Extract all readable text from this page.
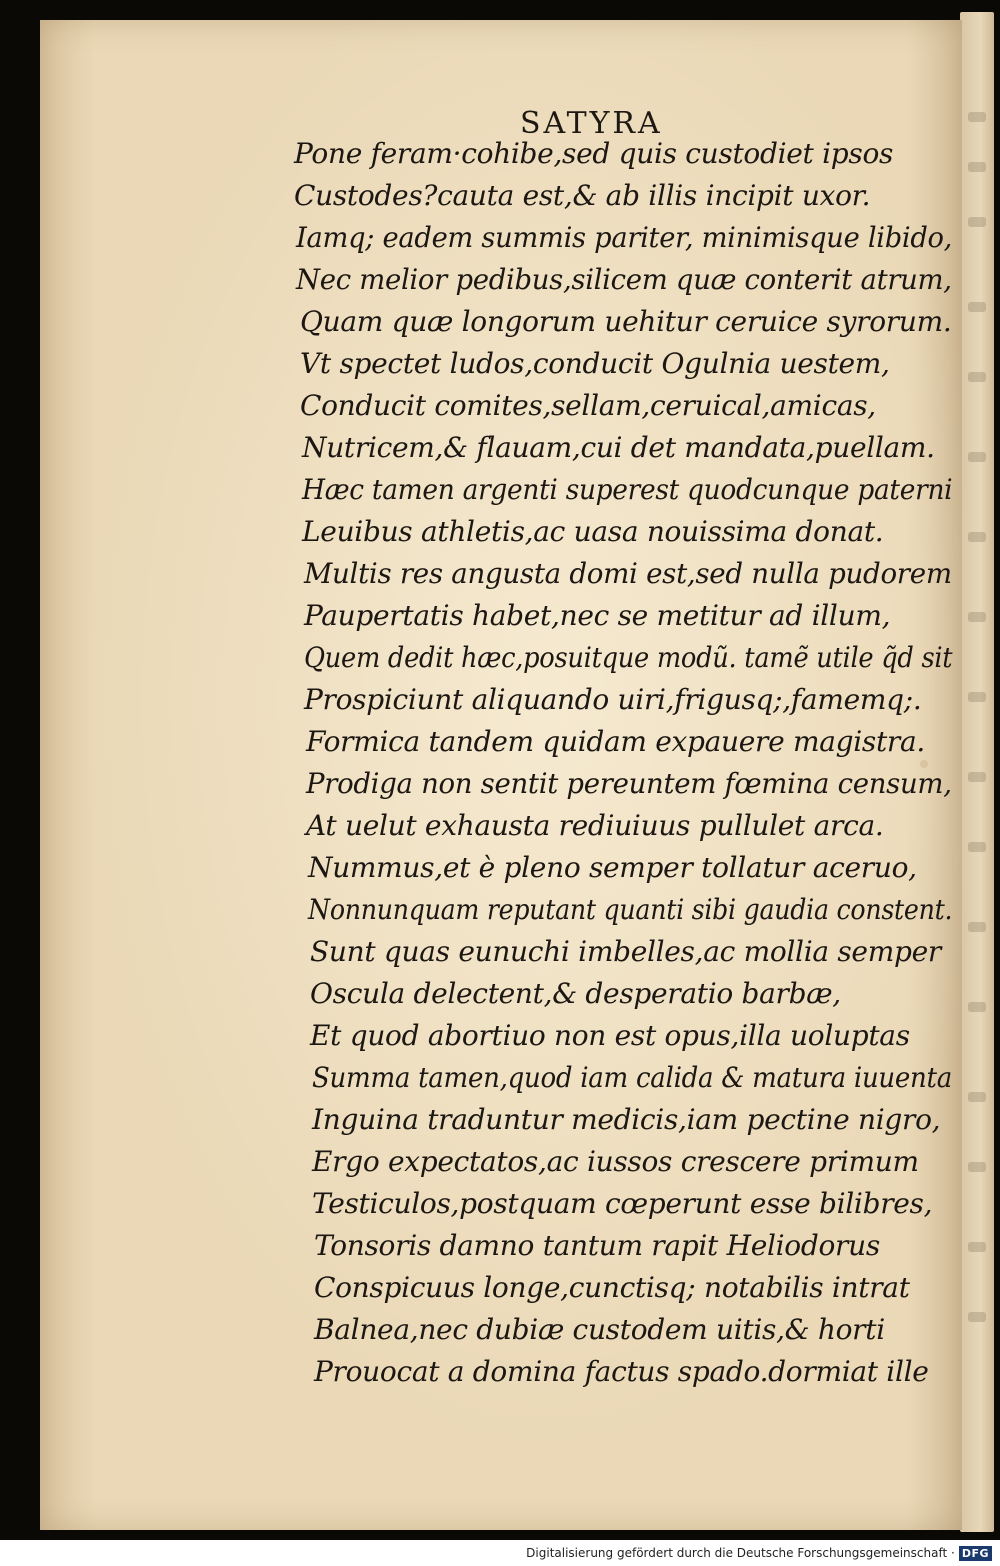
SATYRA
Pone feram·cohibe,sed quis custodiet ipsos
Custodes?cauta est,& ab illis incipit uxor.
Iamq; eadem summis pariter, minimisque libido,
Nec melior pedibus,silicem quæ conterit atrum,
Quam quæ longorum uehitur ceruice syrorum.
Vt spectet ludos,conducit Ogulnia uestem,
Conducit comites,sellam,ceruical,amicas,
Nutricem,& flauam,cui det mandata,puellam.
Hæc tamen argenti superest quodcunque paterni
Leuibus athletis,ac uasa nouissima donat.
Multis res angusta domi est,sed nulla pudorem
Paupertatis habet,nec se metitur ad illum,
Quem dedit hæc,posuitque modũ. tamẽ utile q̃d sit
Prospiciunt aliquando uiri,frigusq;,famemq;.
Formica tandem quidam expauere magistra.
Prodiga non sentit pereuntem fœmina censum,
At uelut exhausta rediuiuus pullulet arca.
Nummus,et è pleno semper tollatur aceruo,
Nonnunquam reputant quanti sibi gaudia constent.
Sunt quas eunuchi imbelles,ac mollia semper
Oscula delectent,& desperatio barbæ,
Et quod abortiuo non est opus,illa uoluptas
Summa tamen,quod iam calida & matura iuuenta
Inguina traduntur medicis,iam pectine nigro,
Ergo expectatos,ac iussos crescere primum
Testiculos,postquam cœperunt esse bilibres,
Tonsoris damno tantum rapit Heliodorus
Conspicuus longe,cunctisq; notabilis intrat
Balnea,nec dubiæ custodem uitis,& horti
Prouocat a domina factus spado.dormiat ille
Digitalisierung gefördert durch die Deutsche Forschungsgemeinschaft · DFG
